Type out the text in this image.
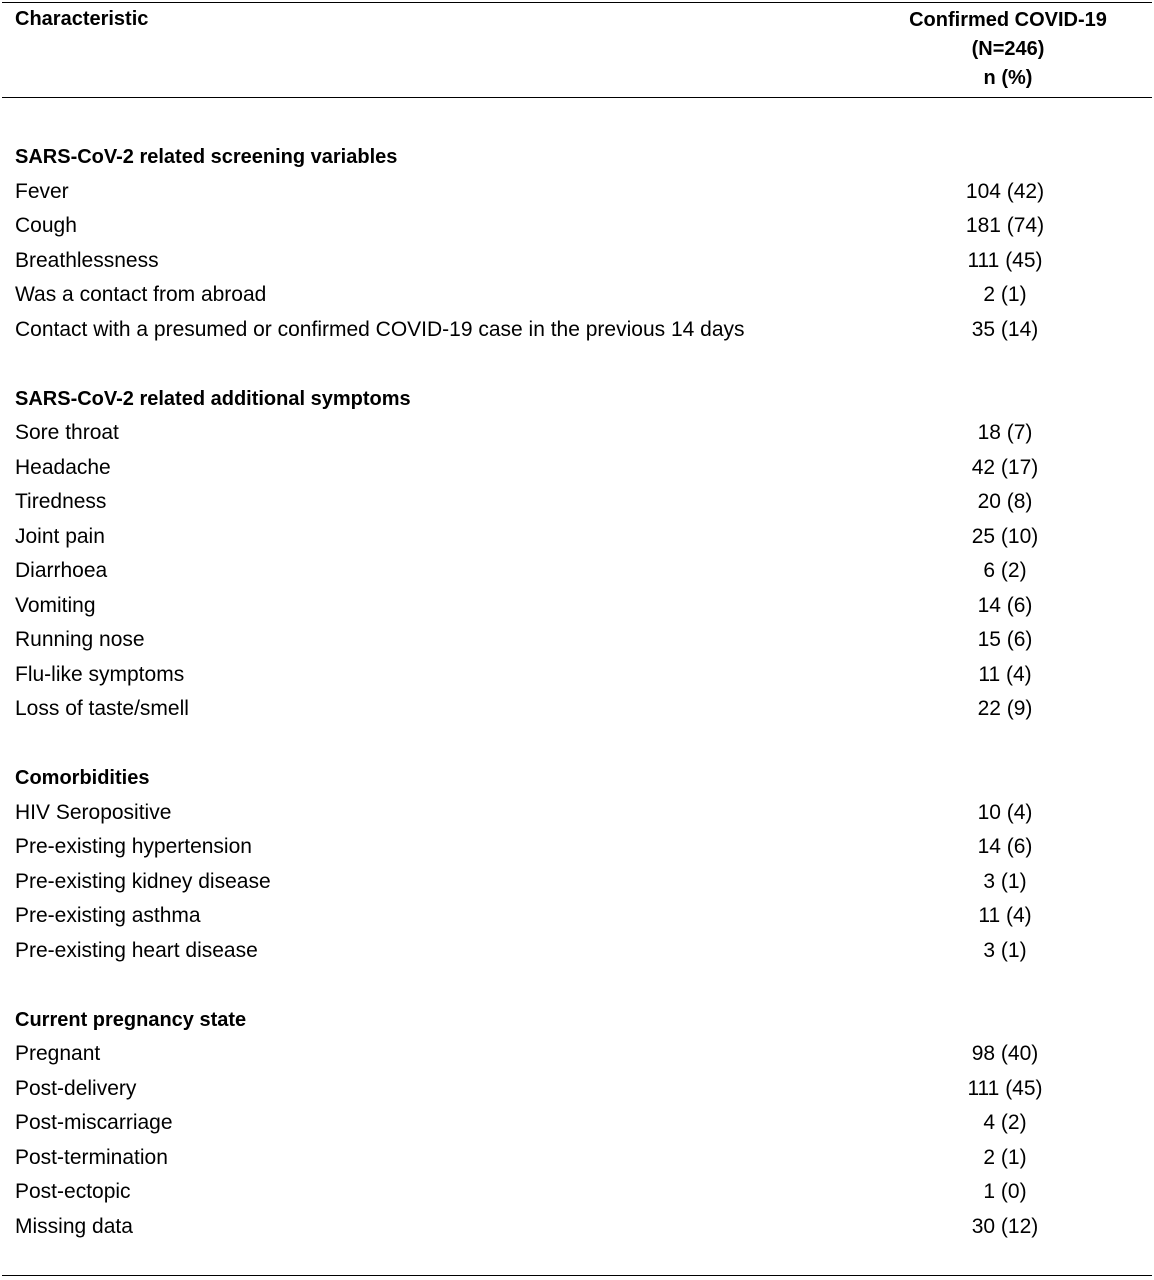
Characteristic	Confirmed COVID-19
(N=246)
n (%)
SARS-CoV-2 related screening variables
Fever	104 (42)
Cough	181 (74)
Breathlessness	111 (45)
Was a contact from abroad	2 (1)
Contact with a presumed or confirmed COVID-19 case in the previous 14 days	35 (14)
SARS-CoV-2 related additional symptoms
Sore throat	18 (7)
Headache	42 (17)
Tiredness	20 (8)
Joint pain	25 (10)
Diarrhoea	6 (2)
Vomiting	14 (6)
Running nose	15 (6)
Flu-like symptoms	11 (4)
Loss of taste/smell	22 (9)
Comorbidities
HIV Seropositive	10 (4)
Pre-existing hypertension	14 (6)
Pre-existing kidney disease	3 (1)
Pre-existing asthma	11 (4)
Pre-existing heart disease	3 (1)
Current pregnancy state
Pregnant	98 (40)
Post-delivery	111 (45)
Post-miscarriage	4 (2)
Post-termination	2 (1)
Post-ectopic	1 (0)
Missing data	30 (12)
